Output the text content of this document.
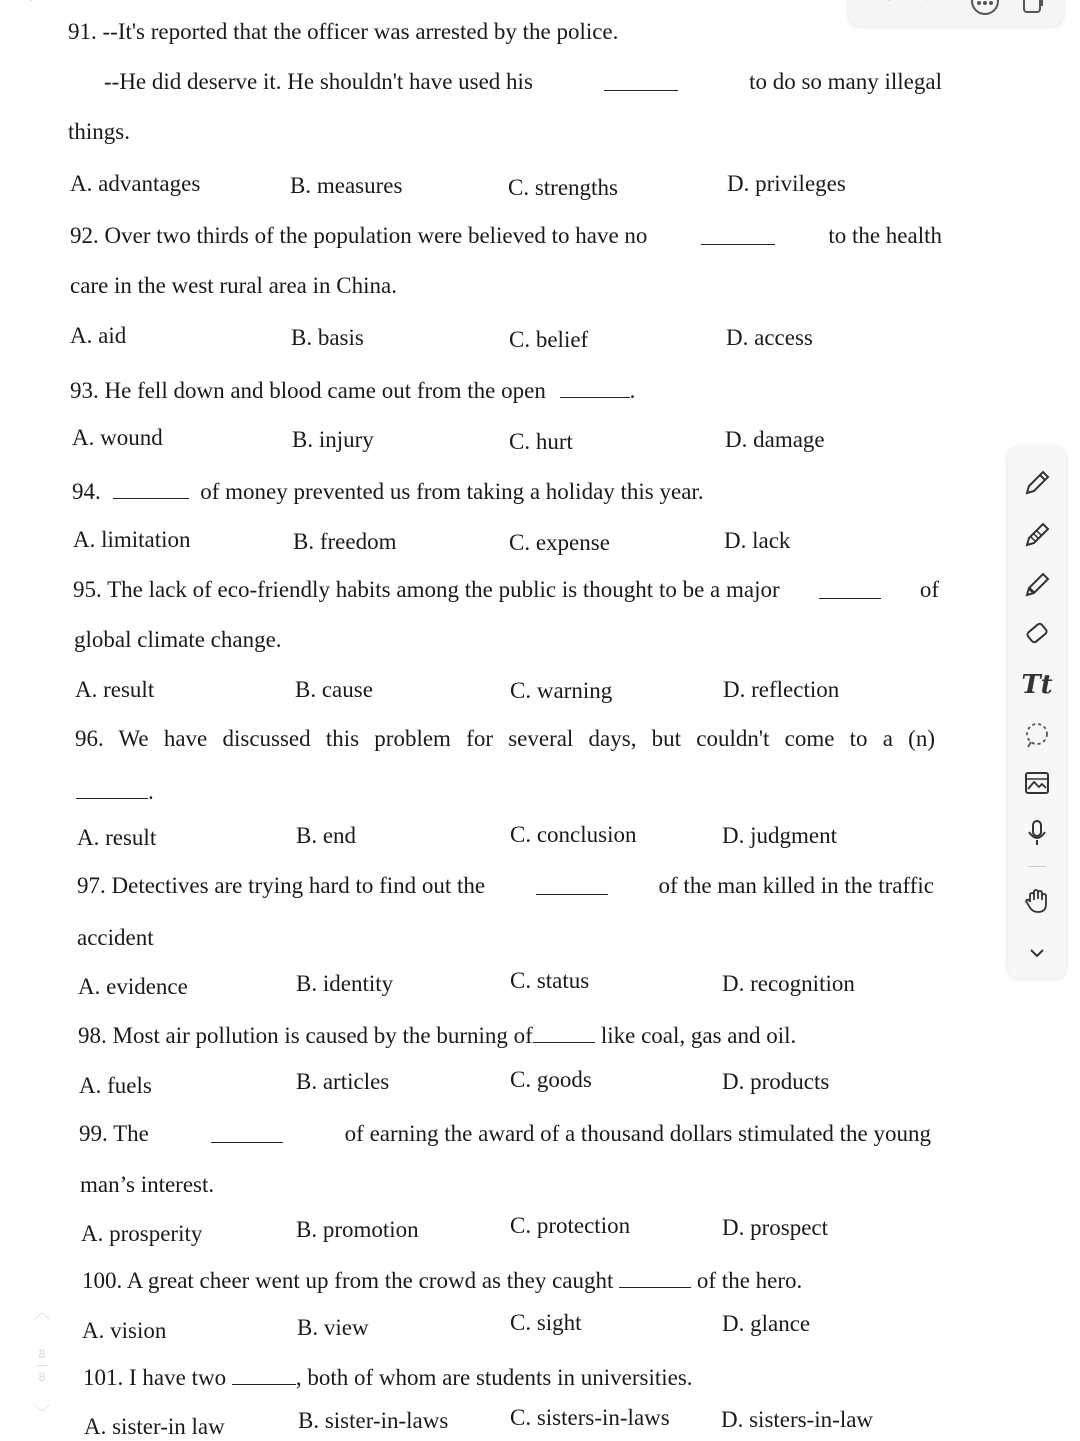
91. --It's reported that the officer was arrested by the police.
--He did deserve it. He shouldn't have used his	to do so many illegal
things.
A. advantages	B. measures	C. strengths	D. privileges
92. Over two thirds of the population were believed to have no	to the health
care in the west rural area in China.
A. aid	B. basis	C. belief	D. access
93. He fell down and blood came out from the open	.
A. wound	B. injury	C. hurt	D. damage
94.	of money prevented us from taking a holiday this year.
A. limitation	B. freedom	C. expense	D. lack
95. The lack of eco-friendly habits among the public is thought to be a major	of
global climate change.
A. result	B. cause	C. warning	D. reflection
96. We have discussed this problem for several days, but couldn't come to a (n)
.
A. result	B. end	C. conclusion	D. judgment
97. Detectives are trying hard to find out the	of the man killed in the traffic
accident
A. evidence	B. identity	C. status	D. recognition
98. Most air pollution is caused by the burning of	like coal, gas and oil.
A. fuels	B. articles	C. goods	D. products
99. The	of earning the award of a thousand dollars stimulated the young
man’s interest.
A. prosperity	B. promotion	C. protection	D. prospect
100. A great cheer went up from the crowd as they caught	of the hero.
A. vision	B. view	C. sight	D. glance
101. I have two	, both of whom are students in universities.
A. sister-in law	B. sister-in-laws	C. sisters-in-laws D. sisters-in-law
︿
8
8
﹀
Tt
